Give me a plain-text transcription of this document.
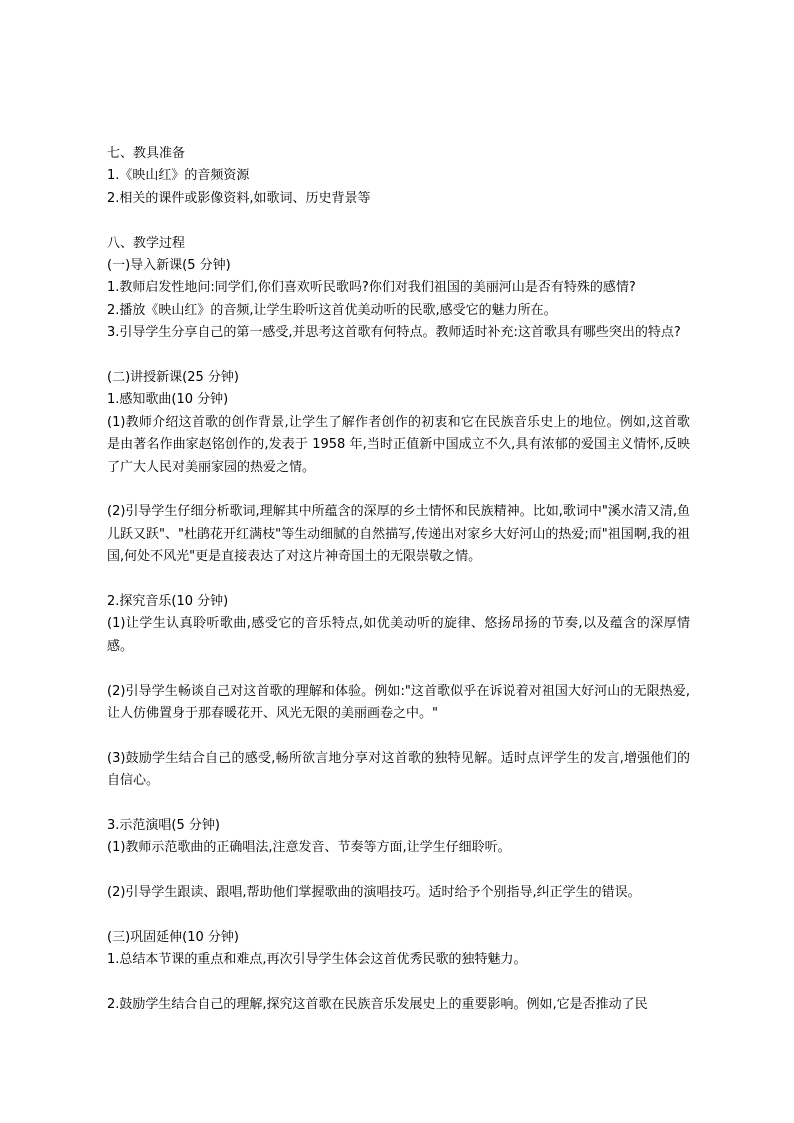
七、教具准备

1.《映山红》的音频资源

2.相关的课件或影像资料,如歌词、历史背景等

八、教学过程

(一)导入新课(5 分钟)

1.教师启发性地问:同学们,你们喜欢听民歌吗?你们对我们祖国的美丽河山是否有特殊的感情?

2.播放《映山红》的音频,让学生聆听这首优美动听的民歌,感受它的魅力所在。

3.引导学生分享自己的第一感受,并思考这首歌有何特点。教师适时补充:这首歌具有哪些突出的特点?

(二)讲授新课(25 分钟)

1.感知歌曲(10 分钟)

(1)教师介绍这首歌的创作背景,让学生了解作者创作的初衷和它在民族音乐史上的地位。例如,这首歌是由著名作曲家赵铭创作的,发表于 1958 年,当时正值新中国成立不久,具有浓郁的爱国主义情怀,反映了广大人民对美丽家园的热爱之情。

(2)引导学生仔细分析歌词,理解其中所蕴含的深厚的乡土情怀和民族精神。比如,歌词中"溪水清又清,鱼儿跃又跃"、"杜鹃花开红满枝"等生动细腻的自然描写,传递出对家乡大好河山的热爱;而"祖国啊,我的祖国,何处不风光"更是直接表达了对这片神奇国土的无限崇敬之情。

2.探究音乐(10 分钟)

(1)让学生认真聆听歌曲,感受它的音乐特点,如优美动听的旋律、悠扬昂扬的节奏,以及蕴含的深厚情感。

(2)引导学生畅谈自己对这首歌的理解和体验。例如:"这首歌似乎在诉说着对祖国大好河山的无限热爱,让人仿佛置身于那春暖花开、风光无限的美丽画卷之中。"

(3)鼓励学生结合自己的感受,畅所欲言地分享对这首歌的独特见解。适时点评学生的发言,增强他们的自信心。

3.示范演唱(5 分钟)

(1)教师示范歌曲的正确唱法,注意发音、节奏等方面,让学生仔细聆听。

(2)引导学生跟读、跟唱,帮助他们掌握歌曲的演唱技巧。适时给予个别指导,纠正学生的错误。

(三)巩固延伸(10 分钟)

1.总结本节课的重点和难点,再次引导学生体会这首优秀民歌的独特魅力。

2.鼓励学生结合自己的理解,探究这首歌在民族音乐发展史上的重要影响。例如,它是否推动了民
